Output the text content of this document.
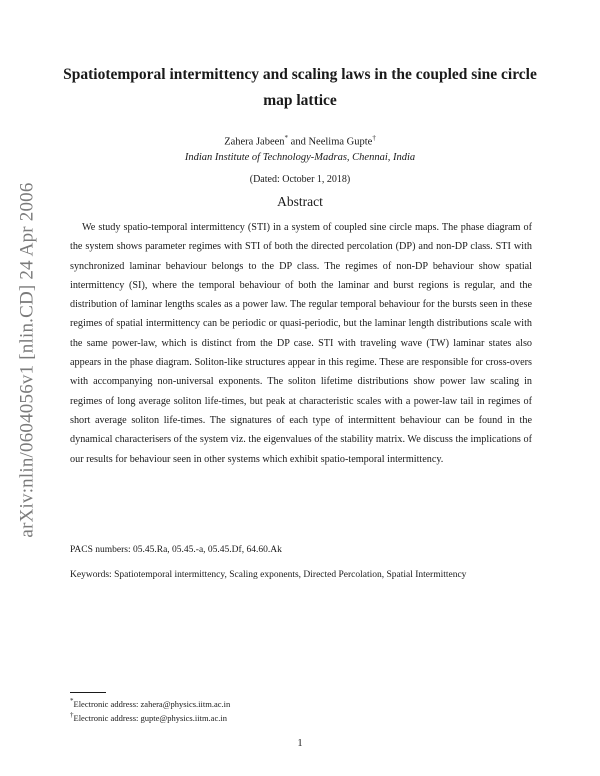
arXiv:nlin/0604056v1 [nlin.CD] 24 Apr 2006
Spatiotemporal intermittency and scaling laws in the coupled sine circle map lattice
Zahera Jabeen* and Neelima Gupte†
Indian Institute of Technology-Madras, Chennai, India
(Dated: October 1, 2018)
Abstract

We study spatio-temporal intermittency (STI) in a system of coupled sine circle maps. The phase diagram of the system shows parameter regimes with STI of both the directed percolation (DP) and non-DP class. STI with synchronized laminar behaviour belongs to the DP class. The regimes of non-DP behaviour show spatial intermittency (SI), where the temporal behaviour of both the laminar and burst regions is regular, and the distribution of laminar lengths scales as a power law. The regular temporal behaviour for the bursts seen in these regimes of spatial intermittency can be periodic or quasi-periodic, but the laminar length distributions scale with the same power-law, which is distinct from the DP case. STI with traveling wave (TW) laminar states also appears in the phase diagram. Soliton-like structures appear in this regime. These are responsible for cross-overs with accompanying non-universal exponents. The soliton lifetime distributions show power law scaling in regimes of long average soliton life-times, but peak at characteristic scales with a power-law tail in regimes of short average soliton life-times. The signatures of each type of intermittent behaviour can be found in the dynamical characterisers of the system viz. the eigenvalues of the stability matrix. We discuss the implications of our results for behaviour seen in other systems which exhibit spatio-temporal intermittency.

PACS numbers: 05.45.Ra, 05.45.-a, 05.45.Df, 64.60.Ak
Keywords: Spatiotemporal intermittency, Scaling exponents, Directed Percolation, Spatial Intermittency
*Electronic address: zahera@physics.iitm.ac.in
†Electronic address: gupte@physics.iitm.ac.in
1
